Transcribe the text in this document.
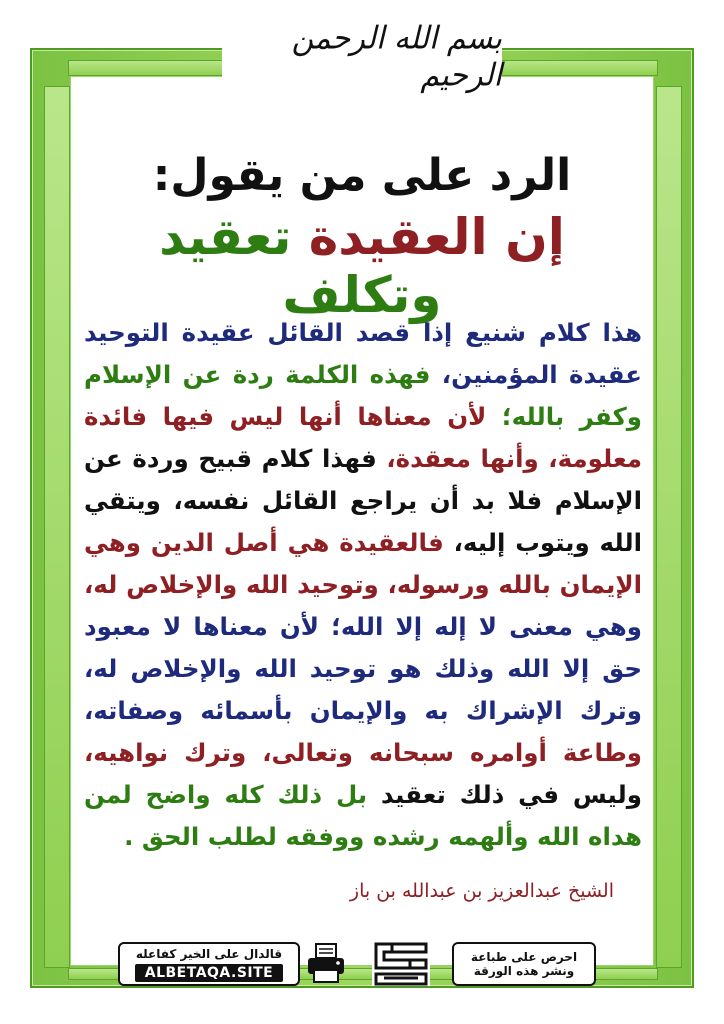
بسم الله الرحمن الرحيم
الرد على من يقول:
إن العقيدة تعقيد وتكلف

هذا كلام شنيع إذا قصد القائل عقيدة التوحيد عقيدة المؤمنين، فهذه الكلمة ردة عن الإسلام وكفر بالله؛ لأن معناها أنها ليس فيها فائدة معلومة، وأنها معقدة، فهذا كلام قبيح وردة عن الإسلام فلا بد أن يراجع القائل نفسه، ويتقي الله ويتوب إليه، فالعقيدة هي أصل الدين وهي الإيمان بالله ورسوله، وتوحيد الله والإخلاص له، وهي معنى لا إله إلا الله؛ لأن معناها لا معبود حق إلا الله وذلك هو توحيد الله والإخلاص له، وترك الإشراك به والإيمان بأسمائه وصفاته، وطاعة أوامره سبحانه وتعالى، وترك نواهيه، وليس في ذلك تعقيد بل ذلك كله واضح لمن هداه الله وألهمه رشده ووفقه لطلب الحق .

الشيخ عبدالعزيز بن عبدالله بن باز
قالدال على الخير كفاعله
ALBETAQA.SITE
احرص على طباعة
ونشر هذه الورقة
